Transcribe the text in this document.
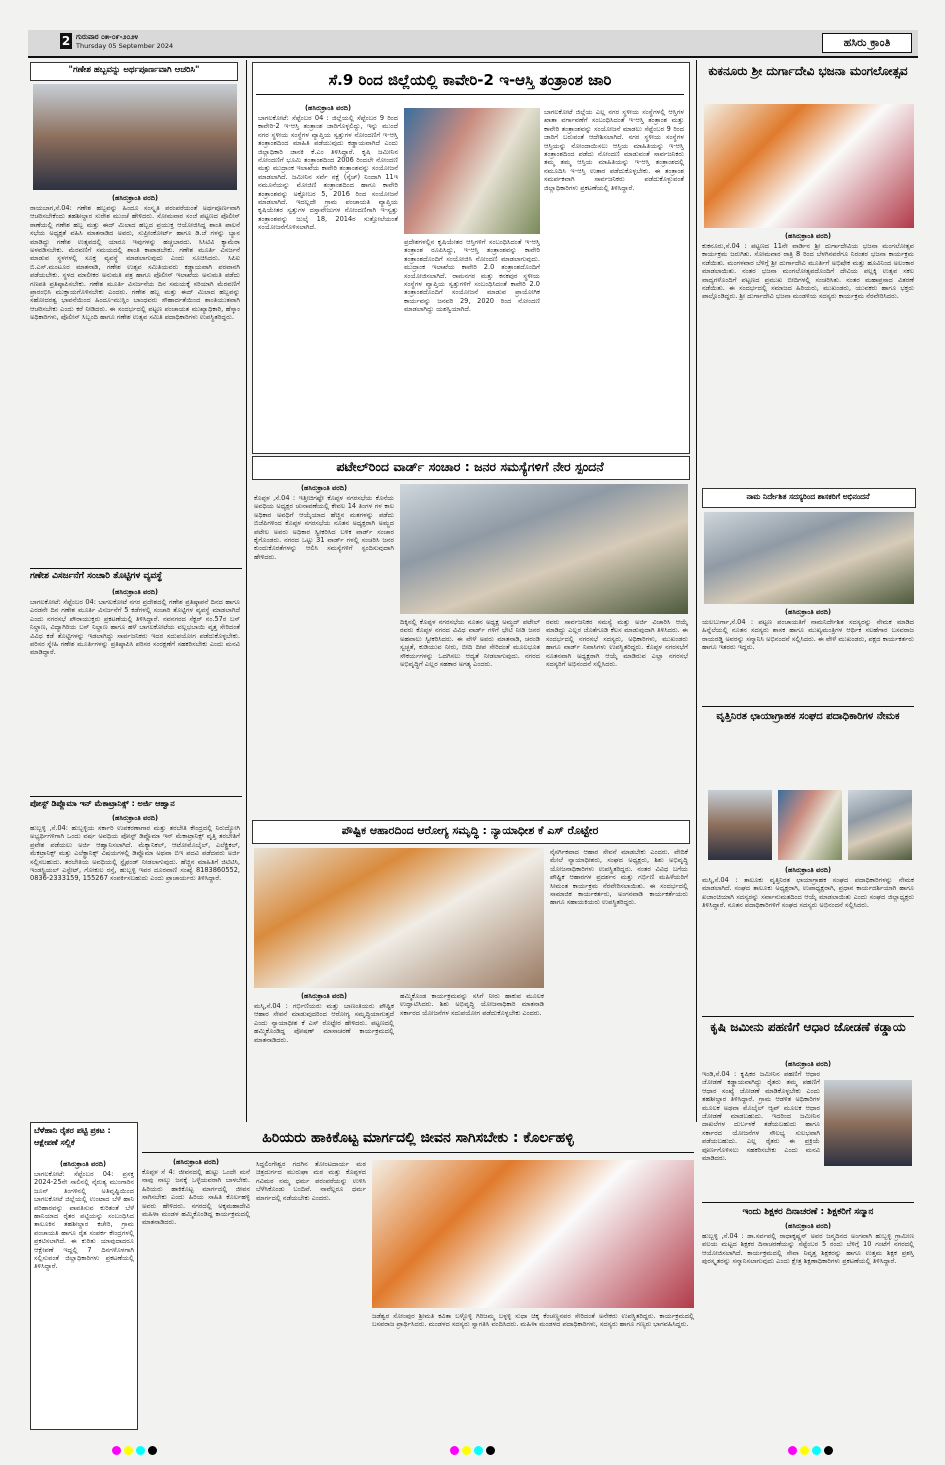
2 ಗುರುವಾರ ೦೫-೦೯-೨೦೨೪
Thursday 05 September 2024	ಹಸಿರು ಕ್ರಾಂತಿ
"ಗಣೇಶ ಹಬ್ಬವನ್ನು ಅರ್ಥಪೂರ್ಣವಾಗಿ ಆಚರಿಸಿ"
(ಹಸಿರುಕ್ರಾಂತಿ ವರದಿ)
ರಾಯಬಾಗ,ಸೆ.04: ಗಣೇಶ ಹಬ್ಬವನ್ನು ಹಿಂದೂ ಸಂಸ್ಕೃತಿ ಪರಂಪರೆಯಂತೆ ಅರ್ಥಪೂರ್ಣವಾಗಿ ಆಚರಿಸಬೇಕೆಂದು ತಹಶೀಲ್ದಾರ ಸುರೇಶ ಮುಂಚೆ ಹೇಳಿದರು. ಸೋಮವಾರ ಸಂಜೆ ಪಟ್ಟಣದ ಪೊಲೀಸ್ ಠಾಣೆಯಲ್ಲಿ ಗಣೇಶ ಹಬ್ಬ ಮತ್ತು ಈದ್ ಮಿಲಾದ ಹಬ್ಬದ ಪ್ರಯುಕ್ತ ಆಯೋಜಿಸಿದ್ದ ಶಾಂತಿ ಪಾಲನೆ ಸಭೆಯ ಅಧ್ಯಕ್ಷತೆ ವಹಿಸಿ ಮಾತನಾಡಿದ ಅವರು, ಸುಪ್ರೀಂಕೋರ್ಟ್ ಹಾಗೂ ಡಿ.ಜೆ ಗಳನ್ನು ಬ್ಯಾನ ಮಾಡಿದ್ದು ಗಣೇಶ ಉತ್ಸವದಲ್ಲಿ ಯಾರೂ ಇವುಗಳನ್ನು ಹಚ್ಚಬಾರದು. ಸಿಸಿಟಿವಿ ಕ್ಯಾಮೆರಾ ಅಳವಡಿಸಬೇಕು. ಮೆರವಣಿಗೆ ಸಮಯದಲ್ಲಿ ಶಾಂತಿ ಕಾಪಾಡಬೇಕು. ಗಣೇಶ ಮೂರ್ತಿ ವಿಸರ್ಜನೆ ಮಾಡುವ ಸ್ಥಳಗಳಲ್ಲಿ ಸೂಕ್ತ ವ್ಯವಸ್ಥೆ ಮಾಡಲಾಗುವುದು ಎಂದು ಸೂಚಿಸಿದರು. ಸಿಪಿಐ ಬಿ.ಎಸ್.ಮಂಟೂರ ಮಾತನಾಡಿ, ಗಣೇಶ ಉತ್ಸವ ಸಮಿತಿಯವರು ಕಡ್ಡಾಯವಾಗಿ ಪರವಾನಗಿ ಪಡೆಯಬೇಕು. ಸ್ಥಳದ ಮಾಲೀಕರ ಅನುಮತಿ ಪತ್ರ ಹಾಗೂ ಪೊಲೀಸ್ ಇಲಾಖೆಯ ಅನುಮತಿ ಪಡೆದು ಗಣಪತಿ ಪ್ರತಿಷ್ಠಾಪಿಸಬೇಕು. ಗಣೇಶ ಮೂರ್ತಿ ವಿಸರ್ಜನೆಯ ದಿನ ಸಮಯಕ್ಕೆ ಸರಿಯಾಗಿ ಮೆರವಣಿಗೆ ಪ್ರಾರಂಭಿಸಿ ಮುಕ್ತಾಯಗೊಳಿಸಬೇಕು ಎಂದರು. ಗಣೇಶ ಹಬ್ಬ ಮತ್ತು ಈದ್ ಮಿಲಾದ ಹಬ್ಬವನ್ನು ಸಹೋದರತ್ವ ಭಾವನೆಯಿಂದ ಹಿಂದೂ-ಮುಸ್ಲಿಂ ಬಾಂಧವರು ಸೌಹಾರ್ದತೆಯಿಂದ ಶಾಂತಿಯುತವಾಗಿ ಆಚರಿಸಬೇಕು ಎಂದು ಕರೆ ನೀಡಿದರು. ಈ ಸಂದರ್ಭದಲ್ಲಿ ಪಟ್ಟಣ ಪಂಚಾಯತ ಮುಖ್ಯಾಧಿಕಾರಿ, ಹೆಸ್ಕಾಂ ಅಧಿಕಾರಿಗಳು, ಪೊಲೀಸ್ ಸಿಬ್ಬಂದಿ ಹಾಗೂ ಗಣೇಶ ಉತ್ಸವ ಸಮಿತಿ ಪದಾಧಿಕಾರಿಗಳು ಉಪಸ್ಥಿತರಿದ್ದರು.
ಗಣೇಶ ವಿಸರ್ಜನೆಗೆ ಸಂಚಾರಿ ತೊಟ್ಟಿಗಳ ವ್ಯವಸ್ಥೆ
(ಹಸಿರುಕ್ರಾಂತಿ ವರದಿ)
ಬಾಗಲಕೋಟೆ: ಸೆಪ್ಟೆಂಬರ 04: ಬಾಗಲಕೋಟೆ ನಗರ ಪ್ರದೇಶದಲ್ಲಿ ಗಣೇಶ ಪ್ರತಿಷ್ಠಾಪನೆ ದಿನದ ಹಾಗೂ ಎರಡನೇ ದಿನ ಗಣೇಶ ಮೂರ್ತಿ ವಿಸರ್ಜನೆಗೆ 5 ಕಡೆಗಳಲ್ಲಿ ಸಂಚಾರಿ ತೊಟ್ಟಿಗಳ ವ್ಯವಸ್ಥೆ ಮಾಡಲಾಗಿದೆ ಎಂದು ನಗರಸಭೆ ಪೌರಾಯುಕ್ತರು ಪ್ರಕಟಣೆಯಲ್ಲಿ ತಿಳಿಸಿದ್ದಾರೆ. ನವನಗರದ ಸೆಕ್ಟರ್ ನಂ.57ರ ಬಸ್ ನಿಲ್ದಾಣ, ವಿದ್ಯಾಗಿರಿಯ ಬಸ್ ನಿಲ್ದಾಣ ಹಾಗೂ ಹಳೆ ಬಾಗಲಕೋಟೆಯ ವಲ್ಲಭಬಾಯಿ ವೃತ್ತ ಸೇರಿದಂತೆ ವಿವಿಧ ಕಡೆ ತೊಟ್ಟಿಗಳನ್ನು ಇಡಲಾಗಿದ್ದು ಸಾರ್ವಜನಿಕರು ಇದರ ಸದುಪಯೋಗ ಪಡೆದುಕೊಳ್ಳಬೇಕು. ಪರಿಸರ ಸ್ನೇಹಿ ಗಣೇಶ ಮೂರ್ತಿಗಳನ್ನು ಪ್ರತಿಷ್ಠಾಪಿಸಿ ಪರಿಸರ ಸಂರಕ್ಷಣೆಗೆ ಸಹಕರಿಸಬೇಕು ಎಂದು ಮನವಿ ಮಾಡಿದ್ದಾರೆ.
ಪೋಸ್ಟ್ ಡಿಪ್ಲೊಮಾ ಇನ್ ಮೆಕಾಟ್ರಾನಿಕ್ಸ್ : ಅರ್ಜಿ ಆಹ್ವಾನ
(ಹಸಿರುಕ್ರಾಂತಿ ವರದಿ)
ಹುಬ್ಬಳ್ಳಿ ,ಸೆ.04: ಹುಬ್ಬಳ್ಳಿಯ ಸರ್ಕಾರಿ ಉಪಕರಣಾಗಾರ ಮತ್ತು ತರಬೇತಿ ಕೇಂದ್ರದಲ್ಲಿ ನಿರುದ್ಯೋಗಿ ಅಭ್ಯರ್ಥಿಗಳಿಗಾಗಿ ಒಂದು ವರ್ಷ ಅವಧಿಯ ಪೋಸ್ಟ್ ಡಿಪ್ಲೊಮಾ ಇನ್ ಮೆಕಾಟ್ರಾನಿಕ್ಸ್ ವೃತ್ತಿ ತರಬೇತಿಗೆ ಪ್ರವೇಶ ಪಡೆಯಲು ಅರ್ಜಿ ಆಹ್ವಾನಿಸಲಾಗಿದೆ. ಮೆಕ್ಯಾನಿಕಲ್, ಆಟೋಮೊಬೈಲ್, ಎಲೆಕ್ಟ್ರಿಕಲ್, ಮೆಕಟ್ರಾನಿಕ್ಸ್ ಮತ್ತು ಎಲೆಕ್ಟ್ರಾನಿಕ್ಸ್ ವಿಷಯಗಳಲ್ಲಿ ಡಿಪ್ಲೊಮಾ ಅಥವಾ ಬಿಇ ಪದವಿ ಪಡೆದವರು ಅರ್ಜಿ ಸಲ್ಲಿಸಬಹುದು. ತರಬೇತಿಯ ಅವಧಿಯಲ್ಲಿ ಸ್ಟೈಫಂಡ್ ನೀಡಲಾಗುವುದು. ಹೆಚ್ಚಿನ ಮಾಹಿತಿಗೆ ಜಿಟಿಟಿಸಿ, ಇಂಡಸ್ಟ್ರಿಯಲ್ ಎಸ್ಟೇಟ್, ಗೋಕುಲ ರಸ್ತೆ, ಹುಬ್ಬಳ್ಳಿ ಇವರ ದೂರವಾಣಿ ಸಂಖ್ಯೆ 8183860552, 0836-2333159, 155267 ಸಂಪರ್ಕಿಸಬಹುದು ಎಂದು ಪ್ರಾಚಾರ್ಯರು ತಿಳಿಸಿದ್ದಾರೆ.
ಸೆ.9 ರಿಂದ ಜಿಲ್ಲೆಯಲ್ಲಿ ಕಾವೇರಿ-2 ಇ-ಆಸ್ತಿ ತಂತ್ರಾಂಶ ಜಾರಿ
(ಹಸಿರುಕ್ರಾಂತಿ ವರದಿ)
ಬಾಗಲಕೋಟೆ: ಸೆಪ್ಟೆಂಬರ 04 : ಜಿಲ್ಲೆಯಲ್ಲಿ ಸೆಪ್ಟೆಂಬರ 9 ರಿಂದ ಕಾವೇರಿ-2 ಇ-ಆಸ್ತಿ ತಂತ್ರಾಂಶ ಜಾರಿಗೊಳ್ಳಲಿದ್ದು, ಇನ್ನು ಮುಂದೆ ನಗರ ಸ್ಥಳೀಯ ಸಂಸ್ಥೆಗಳ ವ್ಯಾಪ್ತಿಯ ಸ್ವತ್ತುಗಳ ನೋಂದಣಿಗೆ ಇ-ಆಸ್ತಿ ತಂತ್ರಾಂಶದಿಂದ ಮಾಹಿತಿ ಪಡೆಯುವುದು ಕಡ್ಡಾಯವಾಗಿದೆ ಎಂದು ಜಿಲ್ಲಾಧಿಕಾರಿ ಜಾನಕಿ ಕೆ.ಎಂ ತಿಳಿಸಿದ್ದಾರೆ. ಕೃಷಿ ಜಮೀನಿನ ನೋಂದಣಿಗೆ ಭೂಮಿ ತಂತ್ರಾಂಶದಿಂದ 2006 ರಿಂದಲೇ ನೋಂದಣಿ ಮತ್ತು ಮುದ್ರಾಂಕ ಇಲಾಖೆಯ ಕಾವೇರಿ ತಂತ್ರಾಂಶವನ್ನು ಸಂಯೋಜನೆ ಮಾಡಲಾಗಿದೆ. ಜಮೀನಿನ ಸರ್ವೆ ನಕ್ಷೆ (ಸ್ಕೆಚ್) ನಿಂದಾಗಿ 11ಇ ನಮೂನೆಯನ್ನು ಮೋಜಿಣಿ ತಂತ್ರಾಂಶದಿಂದ ಹಾಗೂ ಕಾವೇರಿ ತಂತ್ರಾಂಶವನ್ನು ಅಕ್ಟೋಬರ 5, 2016 ರಿಂದ ಸಂಯೋಜನೆ ಮಾಡಲಾಗಿದೆ. ಇದಲ್ಲದೇ ಗ್ರಾಮ ಪಂಚಾಯತಿ ವ್ಯಾಪ್ತಿಯ ಕೃಷಿಯೇತರ ಸ್ವತ್ತುಗಳ ದಸ್ತಾವೇಜುಗಳ ನೋಂದಣಿಗಾಗಿ ಇ-ಸ್ವತ್ತು ತಂತ್ರಾಂಶವನ್ನು ಜುಲೈ 18, 2014ರ ಸುತ್ತೋಲೆಯಂತೆ ಸಂಯೋಜನೆಗೊಳಿಸಲಾಗಿದೆ.
ಪ್ರದೇಶಗಳಲ್ಲಿನ ಕೃಷಿಯೇತರ ಆಸ್ತಿಗಳಿಗೆ ಸಂಬಂಧಿಸಿದಂತೆ ಇ-ಆಸ್ತಿ ತಂತ್ರಾಂಶ ರೂಪಿಸಿದ್ದು, ಇ-ಆಸ್ತಿ ತಂತ್ರಾಂಶವನ್ನು ಕಾವೇರಿ ತಂತ್ರಾಂಶದೊಂದಿಗೆ ಸಂಯೋಜಿಸಿ ನೋಂದಣಿ ಮಾಡಲಾಗುವುದು. ಮುದ್ರಾಂಕ ಇಲಾಖೆಯ ಕಾವೇರಿ 2.0 ತಂತ್ರಾಂಶದೊಂದಿಗೆ ಸಂಯೋಜಿಸಲಾಗಿದೆ. ರಾಮನಗರ ಮತ್ತು ಕನಕಪುರ ಸ್ಥಳೀಯ ಸಂಸ್ಥೆಗಳ ವ್ಯಾಪ್ತಿಯ ಸ್ವತ್ತುಗಳಿಗೆ ಸಂಬಂಧಿಸಿದಂತೆ ಕಾವೇರಿ 2.0 ತಂತ್ರಾಂಶದೊಂದಿಗೆ ಸಂಯೋಜನೆ ಮಾಡುವ ಪ್ರಾಯೋಗಿಕ ಕಾರ್ಯವನ್ನು ಜನವರಿ 29, 2020 ರಿಂದ ನೋಂದಣಿ ಮಾಡಲಾಗಿದ್ದು ಯಶಸ್ವಿಯಾಗಿದೆ.
ಬಾಗಲಕೋಟೆ ಜಿಲ್ಲೆಯ ಎಲ್ಲ ನಗರ ಸ್ಥಳೀಯ ಸಂಸ್ಥೆಗಳಲ್ಲಿ ಆಸ್ತಿಗಳ ಖಾತಾ ವರ್ಗಾವಣೆಗೆ ಸಂಬಂಧಿಸಿದಂತೆ ಇ-ಆಸ್ತಿ ತಂತ್ರಾಂಶ ಮತ್ತು ಕಾವೇರಿ ತಂತ್ರಾಂಶವನ್ನು ಸಂಯೋಜನೆ ಮಾಡಲು ಸೆಪ್ಟೆಂಬರ 9 ರಿಂದ ಜಾರಿಗೆ ಬರುವಂತೆ ಆದೇಶಿಸಲಾಗಿದೆ. ನಗರ ಸ್ಥಳೀಯ ಸಂಸ್ಥೆಗಳ ಆಸ್ತಿಯನ್ನು ನೋಂದಾಯಿಸಲು ಆಸ್ತಿಯ ಮಾಹಿತಿಯನ್ನು ಇ-ಆಸ್ತಿ ತಂತ್ರಾಂಶದಿಂದ ಪಡೆದು ನೋಂದಣಿ ಮಾಡುವಂತೆ ಸಾರ್ವಜನಿಕರು ತಮ್ಮ ತಮ್ಮ ಆಸ್ತಿಯ ಮಾಹಿತಿಯನ್ನು ಇ-ಆಸ್ತಿ ತಂತ್ರಾಂಶದಲ್ಲಿ ನಮೂದಿಸಿ ಇ-ಆಸ್ತಿ ಉತಾರ ಪಡೆದುಕೊಳ್ಳಬೇಕು. ಈ ತಂತ್ರಾಂಶ ಸಮರ್ಪಕವಾಗಿ ಸಾರ್ವಜನಿಕರು ಪಡೆದುಕೊಳ್ಳುವಂತೆ ಜಿಲ್ಲಾಧಿಕಾರಿಗಳು ಪ್ರಕಟಣೆಯಲ್ಲಿ ತಿಳಿಸಿದ್ದಾರೆ.
ಪಟೇಲ್‌ರಿಂದ ವಾರ್ಡ್ ಸಂಚಾರ : ಜನರ ಸಮಸ್ಯೆಗಳಿಗೆ ನೇರ ಸ್ಪಂದನೆ
(ಹಸಿರುಕ್ರಾಂತಿ ವರದಿ)
ಕೊಪ್ಪಳ ,ಸೆ.04 : ಇತ್ತೀಚಿಗಷ್ಟೇ ಕೊಪ್ಪಳ ನಗರಸಭೆಯ ಕೊನೆಯ ಅವಧಿಯ ಅಧ್ಯಕ್ಷರ ಚುನಾವಣೆಯಲ್ಲಿ ಕೇವಲ 14 ತಿಂಗಳ ಗಳ ಕಾಲ ಅಧಿಕಾರ ಅವಧಿಗೆ ಆಯ್ಕೆಯಾದ ಹೆಚ್ಚಿನ ಮತಗಳನ್ನು ಪಡೆದು ಬಿಜೆಪಿಗಳಿಂದ ಕೊಪ್ಪಳ ನಗರಸಭೆಯ ನೂತನ ಅಧ್ಯಕ್ಷರಾಗಿ ಅಮ್ಜದ ಪಟೇಲ ಅವರು ಅಧಿಕಾರ ಸ್ವೀಕರಿಸಿದ ಬಳಿಕ ವಾರ್ಡ್ ಸಂಚಾರ ಕೈಗೊಂಡರು. ನಗರದ ಒಟ್ಟು 31 ವಾರ್ಡ್ ಗಳಲ್ಲಿ ಸಂಚರಿಸಿ ಜನರ ಕುಂದುಕೊರತೆಗಳನ್ನು ಆಲಿಸಿ ಸಮಸ್ಯೆಗಳಿಗೆ ಸ್ಪಂದಿಸುವುದಾಗಿ ಹೇಳಿದರು.
ದಿಕ್ಕಿನಲ್ಲಿ ಕೊಪ್ಪಳ ನಗರಸಭೆಯ ನೂತನ ಅಧ್ಯಕ್ಷ ಅಮ್ಜದ್ ಪಟೇಲ್ ರವರು ಕೊಪ್ಪಳ ನಗರದ ವಿವಿಧ ವಾರ್ಡ್ ಗಳಿಗೆ ಭೇಟಿ ನೀಡಿ ಜನರ ಅಹವಾಲು ಸ್ವೀಕರಿಸಿದರು. ಈ ವೇಳೆ ಅವರು ಮಾತನಾಡಿ, ಚರಂಡಿ ಸ್ವಚ್ಛತೆ, ಕುಡಿಯುವ ನೀರು, ಬೀದಿ ದೀಪ ಸೇರಿದಂತೆ ಮೂಲಭೂತ ಸೌಕರ್ಯಗಳನ್ನು ಒದಗಿಸಲು ಆದ್ಯತೆ ನೀಡಲಾಗುವುದು. ನಗರದ ಅಭಿವೃದ್ಧಿಗೆ ಎಲ್ಲರ ಸಹಕಾರ ಅಗತ್ಯ ಎಂದರು.
ರವರು ಸಾರ್ವಜನಿಕರ ಸಮಸ್ಯೆ ಮತ್ತು ಅರ್ಜಿ ವಿಚಾರಿಸಿ ಆಯ್ಕೆ ಮಾಡಿದ್ದು ಎಲ್ಲರ ಜೊತೆಗೂಡಿ ಕೆಲಸ ಮಾಡುವುದಾಗಿ ತಿಳಿಸಿದರು. ಈ ಸಂದರ್ಭದಲ್ಲಿ ನಗರಸಭೆ ಸದಸ್ಯರು, ಅಧಿಕಾರಿಗಳು, ಮುಖಂಡರು ಹಾಗೂ ವಾರ್ಡ್ ನಿವಾಸಿಗಳು ಉಪಸ್ಥಿತರಿದ್ದರು. ಕೊಪ್ಪಳ ನಗರಸಭೆಗೆ ನೂತನವಾಗಿ ಅಧ್ಯಕ್ಷರಾಗಿ ಆಯ್ಕೆ ಮಾಡಿರುವ ಎಲ್ಲಾ ನಗರಸಭೆ ಸದಸ್ಯರಿಗೆ ಅಭಿನಂದನೆ ಸಲ್ಲಿಸಿದರು.
ಪೌಷ್ಟಿಕ ಆಹಾರದಿಂದ ಆರೋಗ್ಯ ಸಮೃದ್ಧಿ : ನ್ಯಾಯಾಧೀಶ ಕೆ ಎಸ್ ರೊಟ್ಟೇರ
ನೈಸರ್ಗಿಕವಾದ ಆಹಾರ ಸೇವನೆ ಮಾಡಬೇಕು ಎಂದರು. ವೇದಿಕೆ ಮೇಲೆ ನ್ಯಾಯಾಧೀಶರು, ಸಂಘದ ಅಧ್ಯಕ್ಷರು, ಶಿಶು ಅಭಿವೃದ್ಧಿ ಯೋಜನಾಧಿಕಾರಿಗಳು ಉಪಸ್ಥಿತರಿದ್ದರು. ನಂತರ ವಿವಿಧ ಬಗೆಯ ಪೌಷ್ಟಿಕ ಆಹಾರಗಳ ಪ್ರದರ್ಶನ ಮತ್ತು ಗರ್ಭಿಣಿ ಮಹಿಳೆಯರಿಗೆ ಸೀಮಂತ ಕಾರ್ಯಕ್ರಮ ನೆರವೇರಿಸಲಾಯಿತು. ಈ ಸಂದರ್ಭದಲ್ಲಿ ಸಾಮಾಜಿಕ ಕಾರ್ಯಕರ್ತರು, ಅಂಗನವಾಡಿ ಕಾರ್ಯಕರ್ತೆಯರು ಹಾಗೂ ಸಹಾಯಕಿಯರು ಉಪಸ್ಥಿತರಿದ್ದರು.
(ಹಸಿರುಕ್ರಾಂತಿ ವರದಿ)
ಮಸ್ಕಿ,ಸೆ.04 : ಗರ್ಭಿಣಿಯರು ಮತ್ತು ಬಾಣಂತಿಯರು ಪೌಷ್ಟಿಕ ಆಹಾರ ಸೇವನೆ ಮಾಡುವುದರಿಂದ ಆರೋಗ್ಯ ಸಮೃದ್ಧಿಯಾಗುತ್ತದೆ ಎಂದು ನ್ಯಾಯಾಧೀಶ ಕೆ ಎಸ್ ರೊಟ್ಟೇರ ಹೇಳಿದರು. ಪಟ್ಟಣದಲ್ಲಿ ಹಮ್ಮಿಕೊಂಡಿದ್ದ ಪೋಷಣ್ ಮಾಸಾಚರಣೆ ಕಾರ್ಯಕ್ರಮದಲ್ಲಿ ಮಾತನಾಡಿದರು.
ಹಮ್ಮಿಕೊಂಡ ಕಾರ್ಯಕ್ರಮವನ್ನು ಸಸಿಗೆ ನೀರು ಹಾಕುವ ಮೂಲಕ ಉದ್ಘಾಟಿಸಿದರು. ಶಿಶು ಅಭಿವೃದ್ಧಿ ಯೋಜನಾಧಿಕಾರಿ ಮಾತನಾಡಿ ಸರ್ಕಾರದ ಯೋಜನೆಗಳ ಸದುಪಯೋಗ ಪಡೆದುಕೊಳ್ಳಬೇಕು ಎಂದರು.
ಕುಕನೂರು ಶ್ರೀ ದುರ್ಗಾದೇವಿ ಭಜನಾ ಮಂಗಲೋತ್ಸವ
(ಹಸಿರುಕ್ರಾಂತಿ ವರದಿ)
ಕುಕನೂರು,ಸೆ.04 : ಪಟ್ಟಣದ 11ನೇ ವಾರ್ಡಿನ ಶ್ರೀ ದುರ್ಗಾದೇವಿಯ ಭಜನಾ ಮಂಗಲೋತ್ಸವ ಕಾರ್ಯಕ್ರಮ ಜರುಗಿತು. ಸೋಮವಾರ ರಾತ್ರಿ 8 ರಿಂದ ಬೆಳಗಿನವರೆಗೂ ನಿರಂತರ ಭಜನಾ ಕಾರ್ಯಕ್ರಮ ನಡೆಯಿತು. ಮಂಗಳವಾರ ಬೆಳಿಗ್ಗೆ ಶ್ರೀ ದುರ್ಗಾದೇವಿ ಮೂರ್ತಿಗೆ ಅಭಿಷೇಕ ಮತ್ತು ಹೂವಿನಿಂದ ಅಲಂಕಾರ ಮಾಡಲಾಯಿತು. ನಂತರ ಭಜನಾ ಮಂಗಲೋತ್ಸವದೊಂದಿಗೆ ದೇವಿಯ ಪಲ್ಲಕ್ಕಿ ಉತ್ಸವ ಸಕಲ ವಾದ್ಯಗಳೊಂದಿಗೆ ಪಟ್ಟಣದ ಪ್ರಮುಖ ಬೀದಿಗಳಲ್ಲಿ ಸಂಚರಿಸಿತು. ನಂತರ ಮಹಾಪ್ರಸಾದ ವಿತರಣೆ ನಡೆಯಿತು. ಈ ಸಂದರ್ಭದಲ್ಲಿ ಸಮಾಜದ ಹಿರಿಯರು, ಮುಖಂಡರು, ಯುವಕರು ಹಾಗೂ ಭಕ್ತರು ಪಾಲ್ಗೊಂಡಿದ್ದರು. ಶ್ರೀ ದುರ್ಗಾದೇವಿ ಭಜನಾ ಮಂಡಳಿಯ ಸದಸ್ಯರು ಕಾರ್ಯಕ್ರಮ ನೆರವೇರಿಸಿದರು.
ನಾಮ ನಿರ್ದೇಶಿತ ಸದಸ್ಯರಿಂದ ಶಾಸಕರಿಗೆ ಅಭಿನಂದನೆ
(ಹಸಿರುಕ್ರಾಂತಿ ವರದಿ)
ಯಲಬುರ್ಗಾ,ಸೆ.04 : ಪಟ್ಟಣ ಪಂಚಾಯತಿಗೆ ನಾಮನಿರ್ದೇಶಿತ ಸದಸ್ಯರನ್ನು ನೇಮಕ ಮಾಡಿದ ಹಿನ್ನೆಲೆಯಲ್ಲಿ ನೂತನ ಸದಸ್ಯರು ಶಾಸಕ ಹಾಗೂ ಮುಖ್ಯಮಂತ್ರಿಗಳ ಆರ್ಥಿಕ ಸಲಹೆಗಾರ ಬಸವರಾಜ ರಾಯರಡ್ಡಿ ಅವರನ್ನು ಸನ್ಮಾನಿಸಿ ಅಭಿನಂದನೆ ಸಲ್ಲಿಸಿದರು. ಈ ವೇಳೆ ಮುಖಂಡರು, ಪಕ್ಷದ ಕಾರ್ಯಕರ್ತರು ಹಾಗೂ ಇತರರು ಇದ್ದರು.
ವೃತ್ತಿನಿರತ ಛಾಯಾಗ್ರಾಹಕ ಸಂಘದ ಪದಾಧಿಕಾರಿಗಳ ನೇಮಕ
(ಹಸಿರುಕ್ರಾಂತಿ ವರದಿ)
ಮಸ್ಕಿ,ಸೆ.04 : ತಾಲೂಕು ವೃತ್ತಿನಿರತ ಛಾಯಾಗ್ರಾಹಕ ಸಂಘದ ಪದಾಧಿಕಾರಿಗಳನ್ನು ನೇಮಕ ಮಾಡಲಾಗಿದೆ. ಸಂಘದ ತಾಲೂಕು ಅಧ್ಯಕ್ಷರಾಗಿ, ಉಪಾಧ್ಯಕ್ಷರಾಗಿ, ಪ್ರಧಾನ ಕಾರ್ಯದರ್ಶಿಯಾಗಿ ಹಾಗೂ ಖಜಾಂಚಿಯಾಗಿ ಸದಸ್ಯರನ್ನು ಸರ್ವಾನುಮತದಿಂದ ಆಯ್ಕೆ ಮಾಡಲಾಯಿತು ಎಂದು ಸಂಘದ ಜಿಲ್ಲಾಧ್ಯಕ್ಷರು ತಿಳಿಸಿದ್ದಾರೆ. ನೂತನ ಪದಾಧಿಕಾರಿಗಳಿಗೆ ಸಂಘದ ಸದಸ್ಯರು ಅಭಿನಂದನೆ ಸಲ್ಲಿಸಿದರು.
ಕೃಷಿ ಜಮೀನು ಪಹಣಿಗೆ ಆಧಾರ ಜೋಡಣೆ ಕಡ್ಡಾಯ
(ಹಸಿರುಕ್ರಾಂತಿ ವರದಿ)
ಇಂಡಿ,ಸೆ.04 : ಕೃಷಿಕರ ಜಮೀನಿನ ಪಹಣಿಗೆ ಆಧಾರ ಜೋಡಣೆ ಕಡ್ಡಾಯವಾಗಿದ್ದು ರೈತರು ತಮ್ಮ ಪಹಣಿಗೆ ಆಧಾರ ಸಂಖ್ಯೆ ಜೋಡಣೆ ಮಾಡಿಕೊಳ್ಳಬೇಕು ಎಂದು ತಹಶೀಲ್ದಾರ ತಿಳಿಸಿದ್ದಾರೆ. ಗ್ರಾಮ ಆಡಳಿತ ಅಧಿಕಾರಿಗಳ ಮೂಲಕ ಅಥವಾ ಮೊಬೈಲ್ ಆ್ಯಪ್ ಮೂಲಕ ಆಧಾರ ಜೋಡಣೆ ಮಾಡಬಹುದು. ಇದರಿಂದ ಜಮೀನಿನ ದಾಖಲೆಗಳ ದುರ್ಬಳಕೆ ತಡೆಯಬಹುದು ಹಾಗೂ ಸರ್ಕಾರದ ಯೋಜನೆಗಳ ಸೌಲಭ್ಯ ಸುಲಭವಾಗಿ ಪಡೆಯಬಹುದು. ಎಲ್ಲ ರೈತರು ಈ ಪ್ರಕ್ರಿಯೆ ಪೂರ್ಣಗೊಳಿಸಲು ಸಹಕರಿಸಬೇಕು ಎಂದು ಮನವಿ ಮಾಡಿದರು.
ಇಂದು ಶಿಕ್ಷಕರ ದಿನಾಚರಣೆ : ಶಿಕ್ಷಕರಿಗೆ ಸನ್ಮಾನ
(ಹಸಿರುಕ್ರಾಂತಿ ವರದಿ)
ಹುಬ್ಬಳ್ಳಿ ,ಸೆ.04 : ಡಾ.ಸರ್ವಪಲ್ಲಿ ರಾಧಾಕೃಷ್ಣನ್ ಅವರ ಜನ್ಮದಿನದ ಅಂಗವಾಗಿ ಹುಬ್ಬಳ್ಳಿ ಗ್ರಾಮೀಣ ವಲಯ ಮಟ್ಟದ ಶಿಕ್ಷಕರ ದಿನಾಚರಣೆಯನ್ನು ಸೆಪ್ಟೆಂಬರ 5 ರಂದು ಬೆಳಿಗ್ಗೆ 10 ಗಂಟೆಗೆ ನಗರದಲ್ಲಿ ಆಯೋಜಿಸಲಾಗಿದೆ. ಕಾರ್ಯಕ್ರಮದಲ್ಲಿ ಸೇವಾ ನಿವೃತ್ತ ಶಿಕ್ಷಕರನ್ನು ಹಾಗೂ ಉತ್ತಮ ಶಿಕ್ಷಕ ಪ್ರಶಸ್ತಿ ಪುರಸ್ಕೃತರನ್ನು ಸನ್ಮಾನಿಸಲಾಗುವುದು ಎಂದು ಕ್ಷೇತ್ರ ಶಿಕ್ಷಣಾಧಿಕಾರಿಗಳು ಪ್ರಕಟಣೆಯಲ್ಲಿ ತಿಳಿಸಿದ್ದಾರೆ.
ಬೆಳೆಹಾನಿ ರೈತರ ಪಟ್ಟಿ ಪ್ರಕಟ : ಆಕ್ಷೇಪಣೆ ಸಲ್ಲಿಕೆ
(ಹಸಿರುಕ್ರಾಂತಿ ವರದಿ)
ಬಾಗಲಕೋಟೆ: ಸೆಪ್ಟೆಂಬರ 04: ಪ್ರಸಕ್ತ 2024-25ನೇ ಸಾಲಿನಲ್ಲಿ ನೈರುತ್ಯ ಮುಂಗಾರಿನ ಜೂನ್ ತಿಂಗಳಿನಲ್ಲಿ ಅತಿವೃಷ್ಟಿಯಿಂದ ಬಾಗಲಕೋಟೆ ಜಿಲ್ಲೆಯಲ್ಲಿ ಉಂಟಾದ ಬೆಳೆ ಹಾನಿ ಪರಿಹಾರವನ್ನು ಪಾವತಿಸುವ ಕುರಿತಂತೆ ಬೆಳೆ ಹಾನಿಯಾದ ರೈತರ ಪಟ್ಟಿಯನ್ನು ಸಂಬಂಧಿಸಿದ ತಾಲೂಕಿನ ತಹಶೀಲ್ದಾರ ಕಚೇರಿ, ಗ್ರಾಮ ಪಂಚಾಯತಿ ಹಾಗೂ ರೈತ ಸಂಪರ್ಕ ಕೇಂದ್ರಗಳಲ್ಲಿ ಪ್ರಕಟಿಸಲಾಗಿದೆ. ಈ ಕುರಿತು ಯಾವುದಾದರೂ ಆಕ್ಷೇಪಣೆ ಇದ್ದಲ್ಲಿ 7 ದಿನಗಳೊಳಗಾಗಿ ಸಲ್ಲಿಸುವಂತೆ ಜಿಲ್ಲಾಧಿಕಾರಿಗಳು ಪ್ರಕಟಣೆಯಲ್ಲಿ ತಿಳಿಸಿದ್ದಾರೆ.
ಹಿರಿಯರು ಹಾಕಿಕೊಟ್ಟ ಮಾರ್ಗದಲ್ಲಿ ಜೀವನ ಸಾಗಿಸಬೇಕು : ಕೊರ್ಲಹಳ್ಳಿ
(ಹಸಿರುಕ್ರಾಂತಿ ವರದಿ)
ಕೊಪ್ಪಳ ಸೆ 4: ಜೀವನದಲ್ಲಿ ಹುಟ್ಟು ಒಂದೇ ಮನೆ ನಾವು ನಾಲ್ಕು ಜನಕ್ಕೆ ಒಳ್ಳೆಯವರಾಗಿ ಬಾಳಬೇಕು. ಹಿರಿಯರು ಹಾಕಿಕೊಟ್ಟ ಮಾರ್ಗದಲ್ಲಿ ಜೀವನ ಸಾಗಿಸಬೇಕು ಎಂದು ಹಿರಿಯ ಸಾಹಿತಿ ಕೊರ್ಲಹಳ್ಳಿ ಅವರು ಹೇಳಿದರು. ನಗರದಲ್ಲಿ ಅಕ್ಕಮಹಾದೇವಿ ಮಹಿಳಾ ಮಂಡಳ ಹಮ್ಮಿಕೊಂಡಿದ್ದ ಕಾರ್ಯಕ್ರಮದಲ್ಲಿ ಮಾತನಾಡಿದರು.
ಸಿದ್ದಲಿಂಗೇಶ್ವರ ಗದಗಿನ ತೋಂಟದಾರ್ಯ ಮಠ ಚಿತ್ರದುರ್ಗದ ಮುರುಘಾ ಮಠ ಮತ್ತು ಕೊಪ್ಪಳದ ಗವಿಮಠ ನಮ್ಮ ಧರ್ಮ ಪರಂಪರೆಯನ್ನು ಉಳಿಸಿ ಬೆಳೆಸಿಕೊಂಡು ಬಂದಿವೆ. ನಾವೆಲ್ಲರೂ ಧರ್ಮ ಮಾರ್ಗದಲ್ಲಿ ನಡೆಯಬೇಕು ಎಂದರು.
ಜಡೆಶ್ವರ ಸೋಂಪುರ ಶ್ರೀಮತಿ ಕವಿತಾ ಬಳ್ಳೊಳ್ಳಿ ಗಿರಿಜಮ್ಮ ಬಳ್ಳಳ್ಳಿ ಸುಧಾ ಚಿಕ್ಕ ಕೆಂಚಣ್ಣನವರ ಸೇರಿದಂತೆ ಅನೇಕರು ಉಪಸ್ಥಿತರಿದ್ದರು. ಕಾರ್ಯಕ್ರಮದಲ್ಲಿ ಬಸವರಾಜ ಪ್ರಾರ್ಥಿಸಿದರು. ಮಂಡಳದ ಸದಸ್ಯರು ಸ್ವಾಗತಿಸಿ ವಂದಿಸಿದರು. ಮಹಿಳಾ ಮಂಡಳದ ಪದಾಧಿಕಾರಿಗಳು, ಸದಸ್ಯರು ಹಾಗೂ ಗಣ್ಯರು ಭಾಗವಹಿಸಿದ್ದರು.
